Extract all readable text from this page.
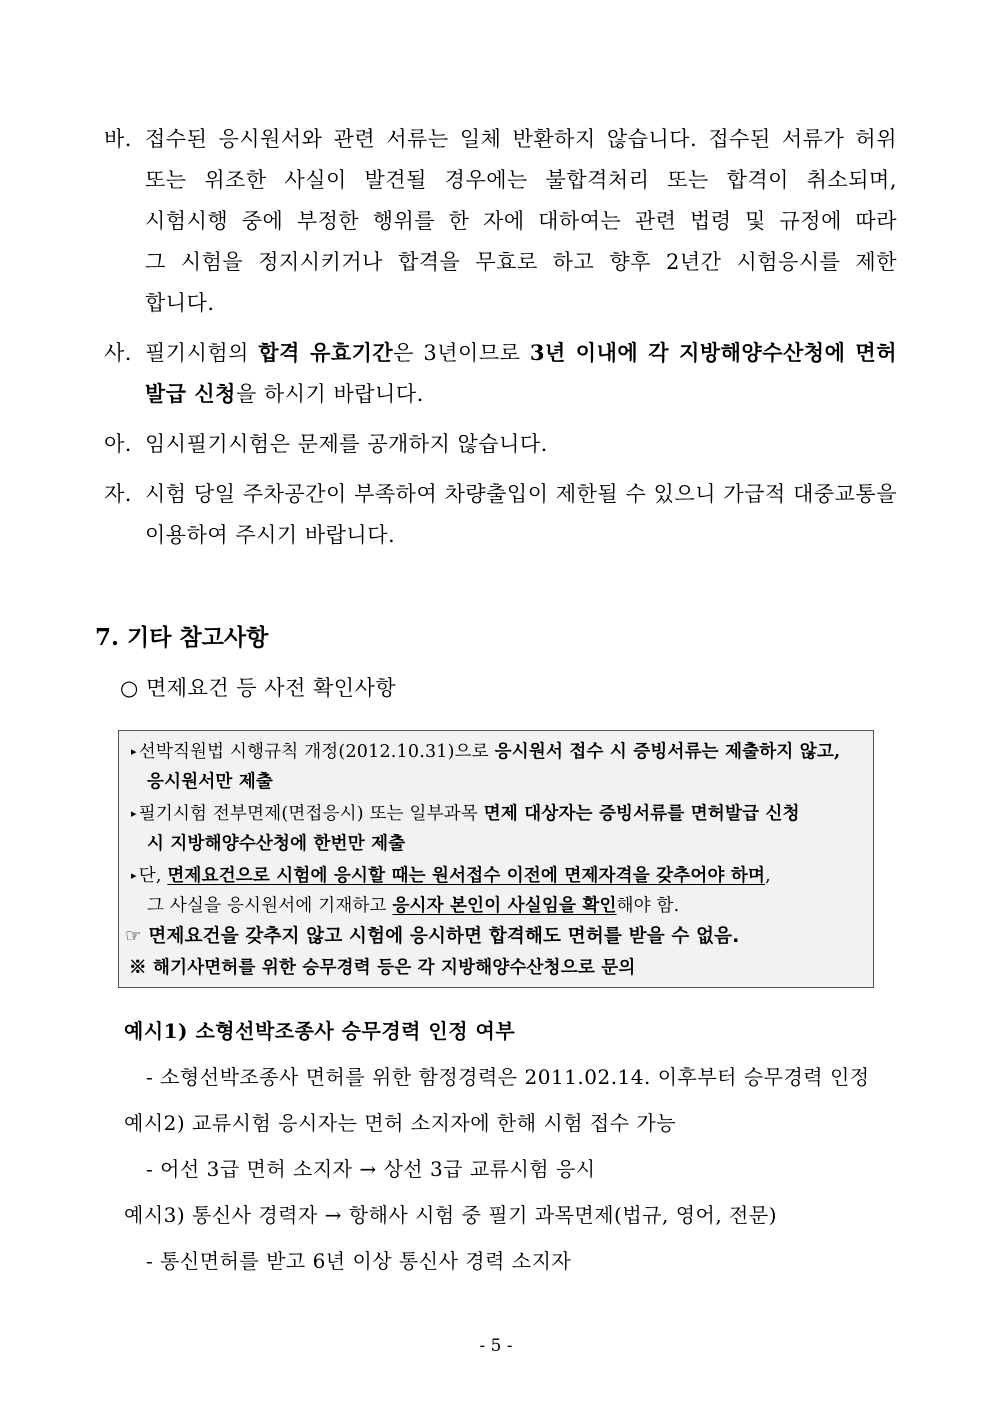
바. 접수된 응시원서와 관련 서류는 일체 반환하지 않습니다. 접수된 서류가 허위
또는 위조한 사실이 발견될 경우에는 불합격처리 또는 합격이 취소되며,
시험시행 중에 부정한 행위를 한 자에 대하여는 관련 법령 및 규정에 따라
그 시험을 정지시키거나 합격을 무효로 하고 향후 2년간 시험응시를 제한
합니다.
사. 필기시험의 합격 유효기간은 3년이므로 3년 이내에 각 지방해양수산청에 면허
발급 신청을 하시기 바랍니다.
아. 임시필기시험은 문제를 공개하지 않습니다.
자. 시험 당일 주차공간이 부족하여 차량출입이 제한될 수 있으니 가급적 대중교통을
이용하여 주시기 바랍니다.
7. 기타 참고사항
○ 면제요건 등 사전 확인사항
▸ 선박직원법 시행규칙 개정(2012.10.31)으로 응시원서 접수 시 증빙서류는 제출하지 않고,
응시원서만 제출
▸ 필기시험 전부면제(면접응시) 또는 일부과목 면제 대상자는 증빙서류를 면허발급 신청
시 지방해양수산청에 한번만 제출
▸ 단, 면제요건으로 시험에 응시할 때는 원서접수 이전에 면제자격을 갖추어야 하며,
그 사실을 응시원서에 기재하고 응시자 본인이 사실임을 확인해야 함.
☞ 면제요건을 갖추지 않고 시험에 응시하면 합격해도 면허를 받을 수 없음.
※ 해기사면허를 위한 승무경력 등은 각 지방해양수산청으로 문의
예시1) 소형선박조종사 승무경력 인정 여부
- 소형선박조종사 면허를 위한 함정경력은 2011.02.14. 이후부터 승무경력 인정
예시2) 교류시험 응시자는 면허 소지자에 한해 시험 접수 가능
- 어선 3급 면허 소지자 → 상선 3급 교류시험 응시
예시3) 통신사 경력자 → 항해사 시험 중 필기 과목면제(법규, 영어, 전문)
- 통신면허를 받고 6년 이상 통신사 경력 소지자
- 5 -
